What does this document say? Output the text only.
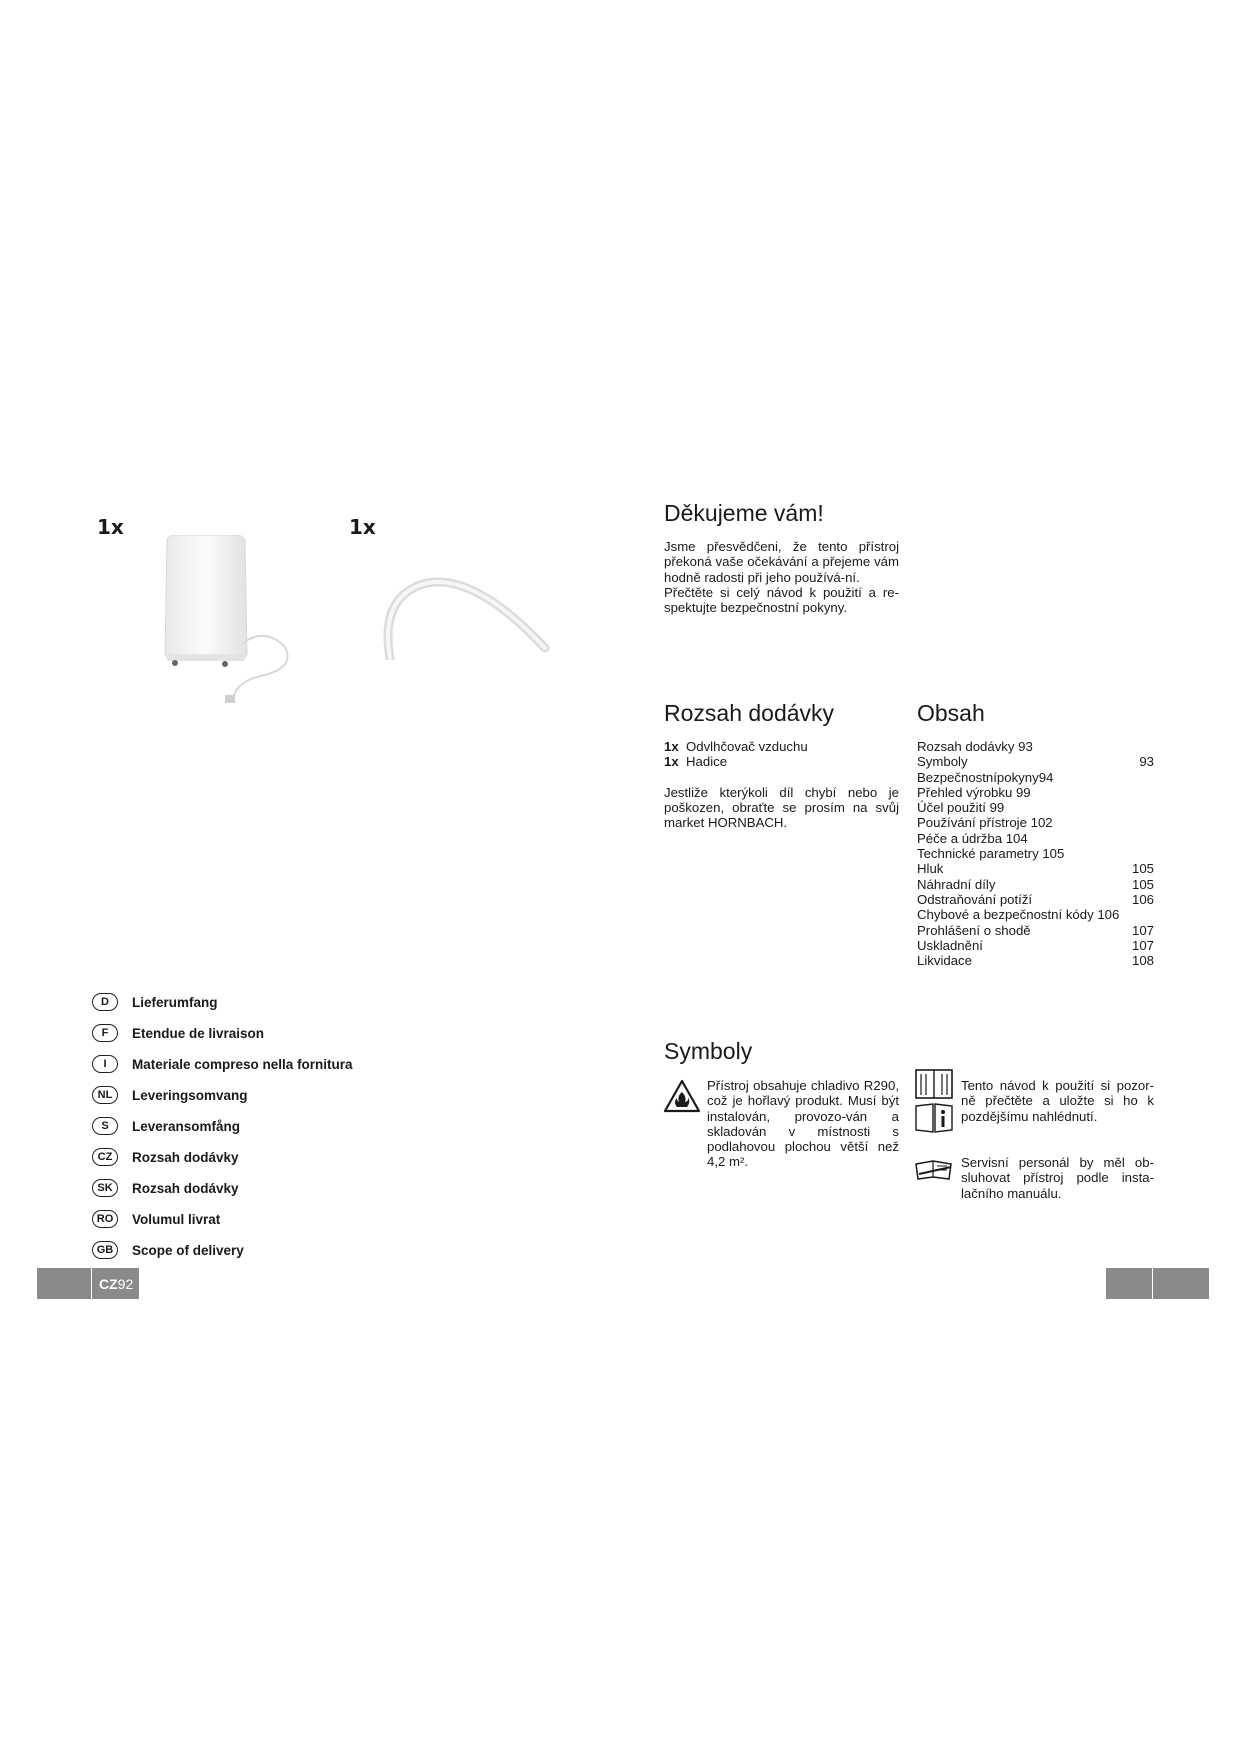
1x	1x
D	Lieferumfang
F	Etendue de livraison
I	Materiale compreso nella fornitura
NL	Leveringsomvang
S	Leveransomfång
CZ	Rozsah dodávky
SK	Rozsah dodávky
RO	Volumul livrat
GB	Scope of delivery
CZ 92
Děkujeme vám!
Jsme přesvědčeni, že tento přístroj překoná vaše očekávání a přejeme vám hodně radosti při jeho používá-ní.
Přečtěte si celý návod k použití a re-spektujte bezpečnostní pokyny.
Rozsah dodávky
1x Odvlhčovač vzduchu
1x Hadice
Jestliže kterýkoli díl chybí nebo je poškozen, obraťte se prosím na svůj market HORNBACH.
Obsah
Rozsah dodávky 93
Symboly	93
Bezpečnostnípokyny94
Přehled výrobku 99
Účel použití 99
Používání přístroje 102
Péče a údržba 104
Technické parametry 105
Hluk	105
Náhradní díly	105
Odstraňování potíží	106
Chybové a bezpečnostní kódy 106
Prohlášení o shodě	107
Uskladnění	107
Likvidace	108
Symboly
Přístroj obsahuje chladivo R290, což je hořlavý produkt. Musí být instalován, provozo-ván a skladován v místnosti s podlahovou plochou větší než 4,2 m².
Tento návod k použití si pozor-ně přečtěte a uložte si ho k pozdějšímu nahlédnutí.
Servisní personál by měl ob-sluhovat přístroj podle insta-lačního manuálu.
